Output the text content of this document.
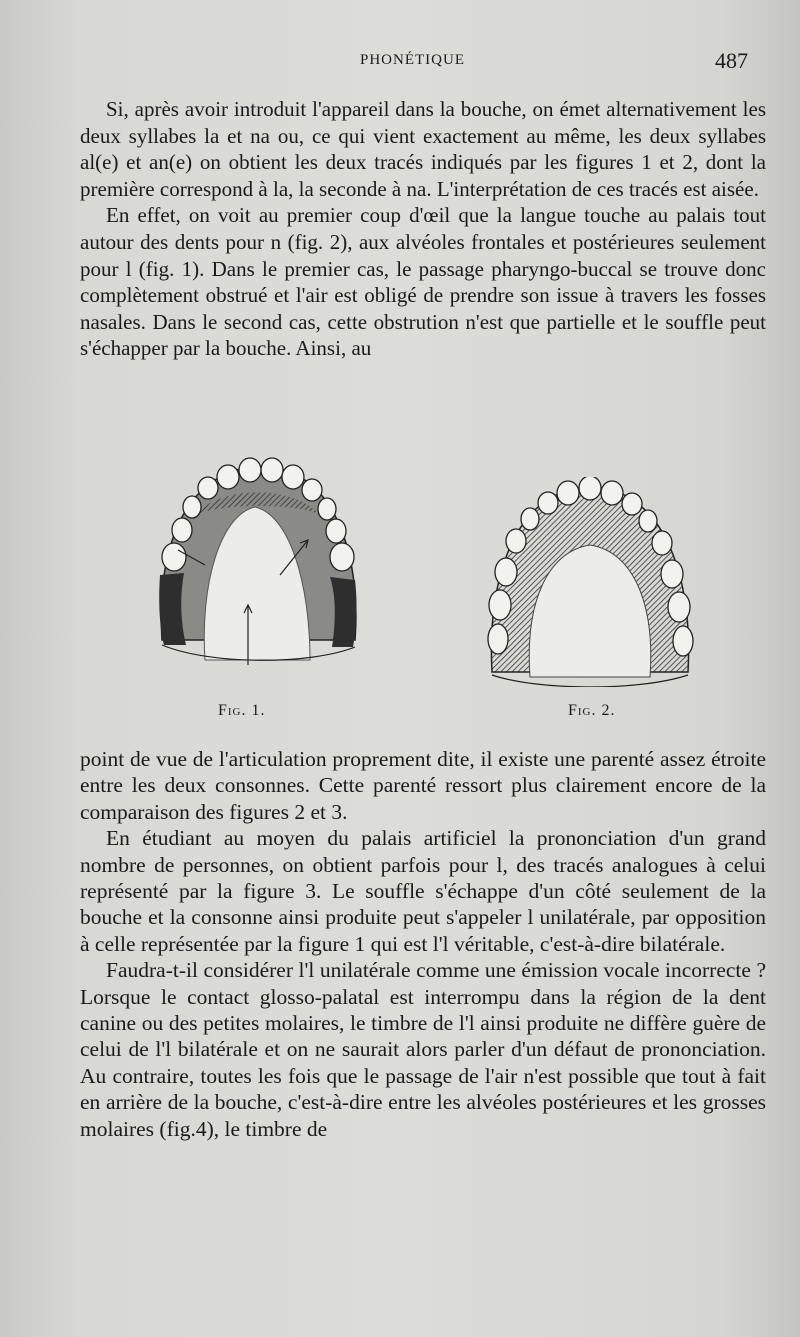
PHONÉTIQUE	487

Si, après avoir introduit l'appareil dans la bouche, on émet alternativement les deux syllabes la et na ou, ce qui vient exactement au même, les deux syllabes al(e) et an(e) on obtient les deux tracés indiqués par les figures 1 et 2, dont la première correspond à la, la seconde à na. L'interprétation de ces tracés est aisée.

En effet, on voit au premier coup d'œil que la langue touche au palais tout autour des dents pour n (fig. 2), aux alvéoles frontales et postérieures seulement pour l (fig. 1). Dans le premier cas, le passage pharyngo-buccal se trouve donc complètement obstrué et l'air est obligé de prendre son issue à travers les fosses nasales. Dans le second cas, cette obstrution n'est que partielle et le souffle peut s'échapper par la bouche. Ainsi, au

Fig. 1.	Fig. 2.

point de vue de l'articulation proprement dite, il existe une parenté assez étroite entre les deux consonnes. Cette parenté ressort plus clairement encore de la comparaison des figures 2 et 3.

En étudiant au moyen du palais artificiel la prononciation d'un grand nombre de personnes, on obtient parfois pour l, des tracés analogues à celui représenté par la figure 3. Le souffle s'échappe d'un côté seulement de la bouche et la consonne ainsi produite peut s'appeler l unilatérale, par opposition à celle représentée par la figure 1 qui est l'l véritable, c'est-à-dire bilatérale.

Faudra-t-il considérer l'l unilatérale comme une émission vocale incorrecte ? Lorsque le contact glosso-palatal est interrompu dans la région de la dent canine ou des petites molaires, le timbre de l'l ainsi produite ne diffère guère de celui de l'l bilatérale et on ne saurait alors parler d'un défaut de prononciation. Au contraire, toutes les fois que le passage de l'air n'est possible que tout à fait en arrière de la bouche, c'est-à-dire entre les alvéoles postérieures et les grosses molaires (fig.4), le timbre de
